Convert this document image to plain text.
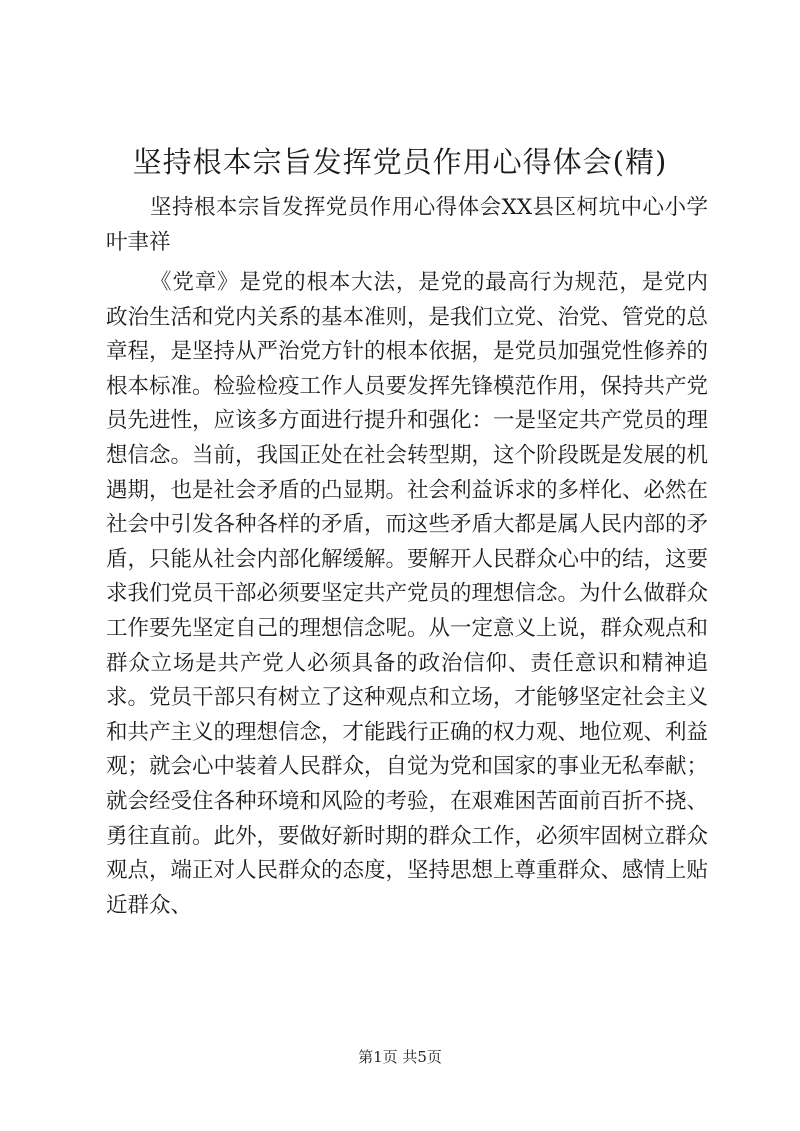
坚持根本宗旨发挥党员作用心得体会(精)

坚持根本宗旨发挥党员作用心得体会XX县区柯坑中心小学叶聿祥

《党章》是党的根本大法，是党的最高行为规范，是党内政治生活和党内关系的基本准则，是我们立党、治党、管党的总章程，是坚持从严治党方针的根本依据，是党员加强党性修养的根本标准。检验检疫工作人员要发挥先锋模范作用，保持共产党员先进性，应该多方面进行提升和强化：一是坚定共产党员的理想信念。当前，我国正处在社会转型期，这个阶段既是发展的机遇期，也是社会矛盾的凸显期。社会利益诉求的多样化、必然在社会中引发各种各样的矛盾，而这些矛盾大都是属人民内部的矛盾，只能从社会内部化解缓解。要解开人民群众心中的结，这要求我们党员干部必须要坚定共产党员的理想信念。为什么做群众工作要先坚定自己的理想信念呢。从一定意义上说，群众观点和群众立场是共产党人必须具备的政治信仰、责任意识和精神追求。党员干部只有树立了这种观点和立场，才能够坚定社会主义和共产主义的理想信念，才能践行正确的权力观、地位观、利益观；就会心中装着人民群众，自觉为党和国家的事业无私奉献；就会经受住各种环境和风险的考验，在艰难困苦面前百折不挠、勇往直前。此外，要做好新时期的群众工作，必须牢固树立群众观点，端正对人民群众的态度，坚持思想上尊重群众、感情上贴近群众、

第1页 共5页
